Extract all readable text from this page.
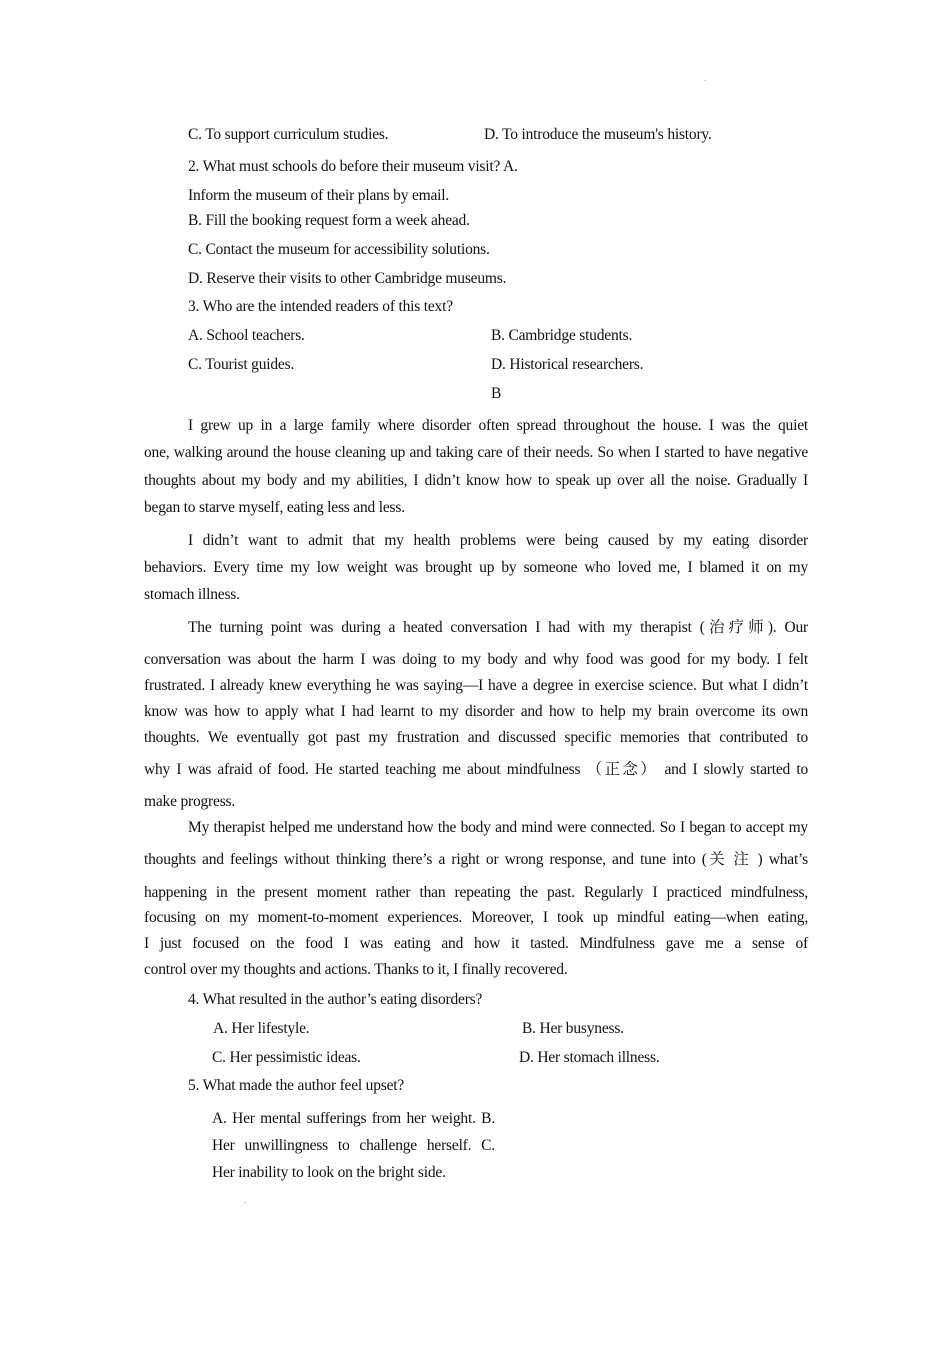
.
.
C. To support curriculum studies.	D. To introduce the museum's history.
2. What must schools do before their museum visit? A.
Inform the museum of their plans by email.
B. Fill the booking request form a week ahead.
C. Contact the museum for accessibility solutions.
D. Reserve their visits to other Cambridge museums.
3. Who are the intended readers of this text?
A. School teachers.	B. Cambridge students.
C. Tourist guides.	D. Historical researchers.
B
I grew up in a large family where disorder often spread throughout the house. I was the quiet
one, walking around the house cleaning up and taking care of their needs. So when I started to have negative
thoughts about my body and my abilities, I didn’t know how to speak up over all the noise. Gradually I
began to starve myself, eating less and less.
I didn’t want to admit that my health problems were being caused by my eating disorder
behaviors. Every time my low weight was brought up by someone who loved me, I blamed it on my
stomach illness.
The turning point was during a heated conversation I had with my therapist (治疗师). Our
conversation was about the harm I was doing to my body and why food was good for my body. I felt
frustrated. I already knew everything he was saying—I have a degree in exercise science. But what I didn’t
know was how to apply what I had learnt to my disorder and how to help my brain overcome its own
thoughts. We eventually got past my frustration and discussed specific memories that contributed to
why I was afraid of food. He started teaching me about mindfulness （正念） and I slowly started to
make progress.
My therapist helped me understand how the body and mind were connected. So I began to accept my
thoughts and feelings without thinking there’s a right or wrong response, and tune into (关 注 ) what’s
happening in the present moment rather than repeating the past. Regularly I practiced mindfulness,
focusing on my moment-to-moment experiences. Moreover, I took up mindful eating—when eating,
I just focused on the food I was eating and how it tasted. Mindfulness gave me a sense of
control over my thoughts and actions. Thanks to it, I finally recovered.
4. What resulted in the author’s eating disorders?
A. Her lifestyle.	B. Her busyness.
C. Her pessimistic ideas.	D. Her stomach illness.
5. What made the author feel upset?
A. Her mental sufferings from her weight. B.
Her unwillingness to challenge herself. C.
Her inability to look on the bright side.
